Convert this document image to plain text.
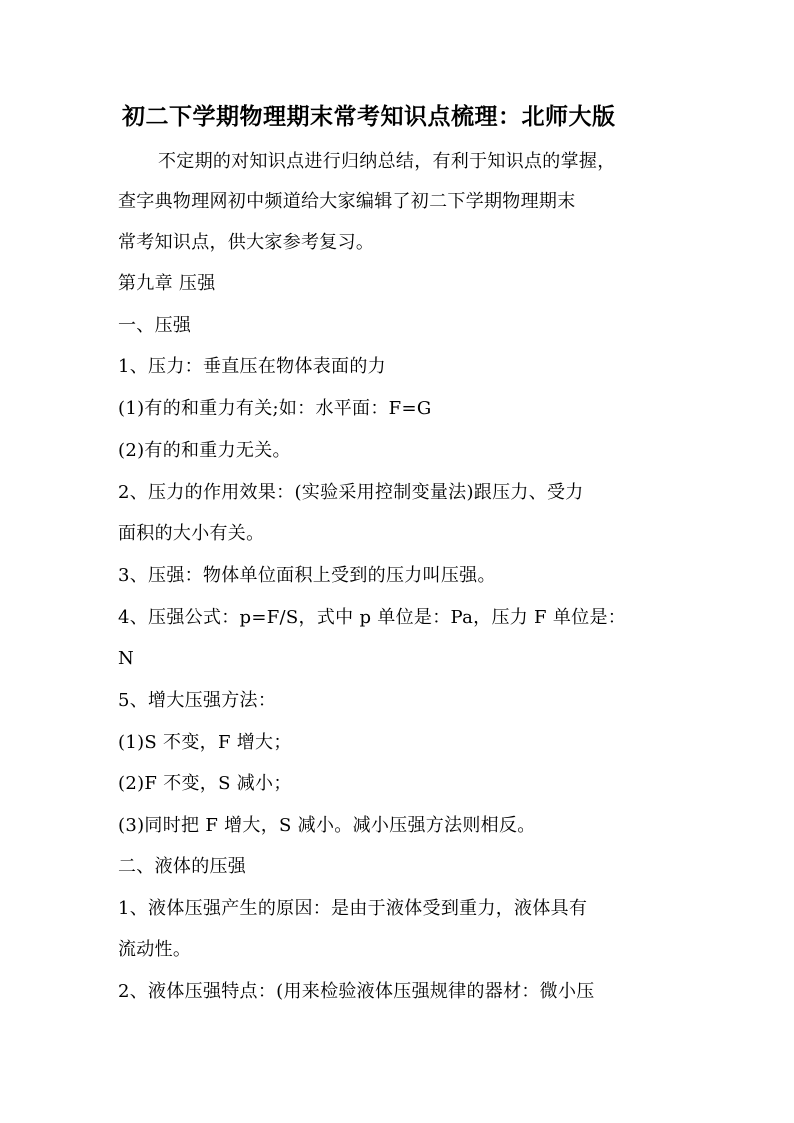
初二下学期物理期末常考知识点梳理：北师大版
不定期的对知识点进行归纳总结，有利于知识点的掌握，
查字典物理网初中频道给大家编辑了初二下学期物理期末
常考知识点，供大家参考复习。
第九章 压强
一、压强
1、压力：垂直压在物体表面的力
(1)有的和重力有关;如：水平面：F=G
(2)有的和重力无关。
2、压力的作用效果：(实验采用控制变量法)跟压力、受力
面积的大小有关。
3、压强：物体单位面积上受到的压力叫压强。
4、压强公式：p=F/S，式中 p 单位是：Pa，压力 F 单位是：
N
5、增大压强方法：
(1)S 不变，F 增大；
(2)F 不变，S 减小；
(3)同时把 F 增大，S 减小。减小压强方法则相反。
二、液体的压强
1、液体压强产生的原因：是由于液体受到重力，液体具有
流动性。
2、液体压强特点：(用来检验液体压强规律的器材：微小压
